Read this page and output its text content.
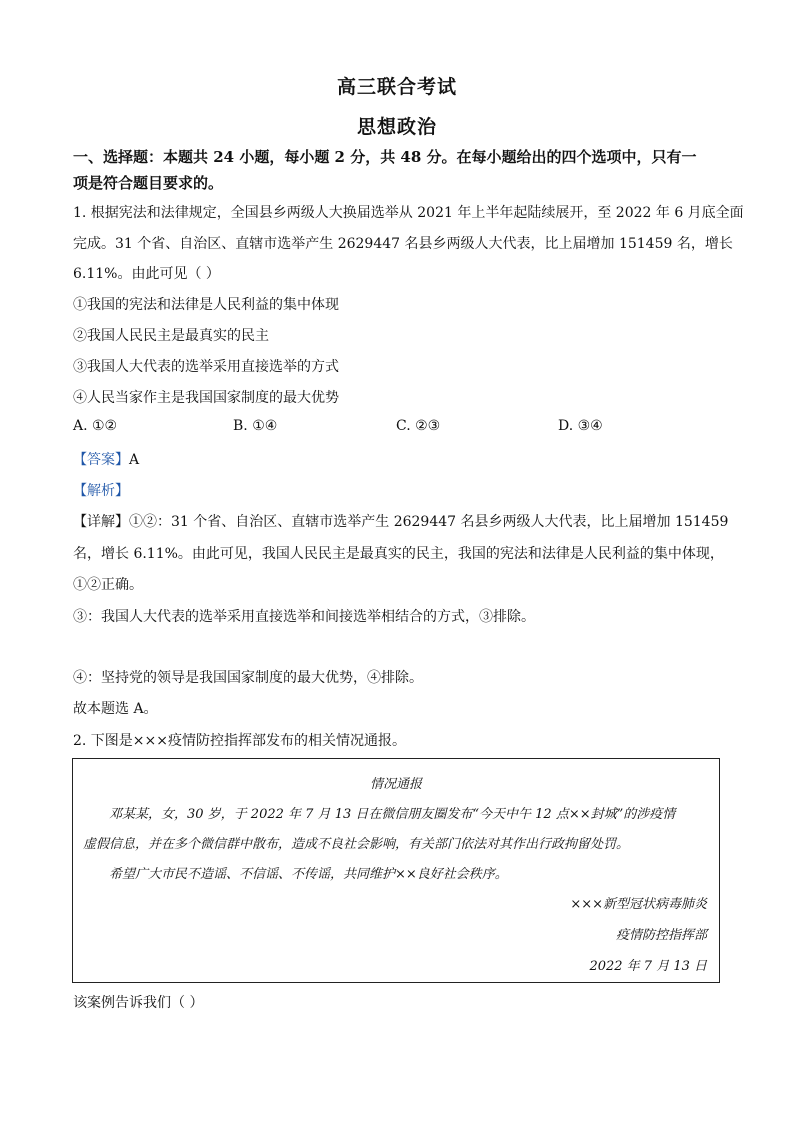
高三联合考试
思想政治
一、选择题：本题共 24 小题，每小题 2 分，共 48 分。在每小题给出的四个选项中，只有一
项是符合题目要求的。
1. 根据宪法和法律规定，全国县乡两级人大换届选举从 2021 年上半年起陆续展开，至 2022 年 6 月底全面
完成。31 个省、自治区、直辖市选举产生 2629447 名县乡两级人大代表，比上届增加 151459 名，增长
6.11%。由此可见（ ）
①我国的宪法和法律是人民利益的集中体现
②我国人民民主是最真实的民主
③我国人大代表的选举采用直接选举的方式
④人民当家作主是我国国家制度的最大优势
A. ①②	B. ①④	C. ②③	D. ③④
【答案】A
【解析】
【详解】①②：31 个省、自治区、直辖市选举产生 2629447 名县乡两级人大代表，比上届增加 151459
名，增长 6.11%。由此可见，我国人民民主是最真实的民主，我国的宪法和法律是人民利益的集中体现，
①②正确。
③：我国人大代表的选举采用直接选举和间接选举相结合的方式，③排除。
④：坚持党的领导是我国国家制度的最大优势，④排除。
故本题选 A。
2. 下图是×××疫情防控指挥部发布的相关情况通报。
情况通报
邓某某，女，30 岁，于 2022 年 7 月 13 日在微信朋友圈发布“今天中午 12 点××封城”的涉疫情
虚假信息，并在多个微信群中散布，造成不良社会影响，有关部门依法对其作出行政拘留处罚。
希望广大市民不造谣、不信谣、不传谣，共同维护××良好社会秩序。
×××新型冠状病毒肺炎
疫情防控指挥部
2022 年 7 月 13 日
该案例告诉我们（ ）
